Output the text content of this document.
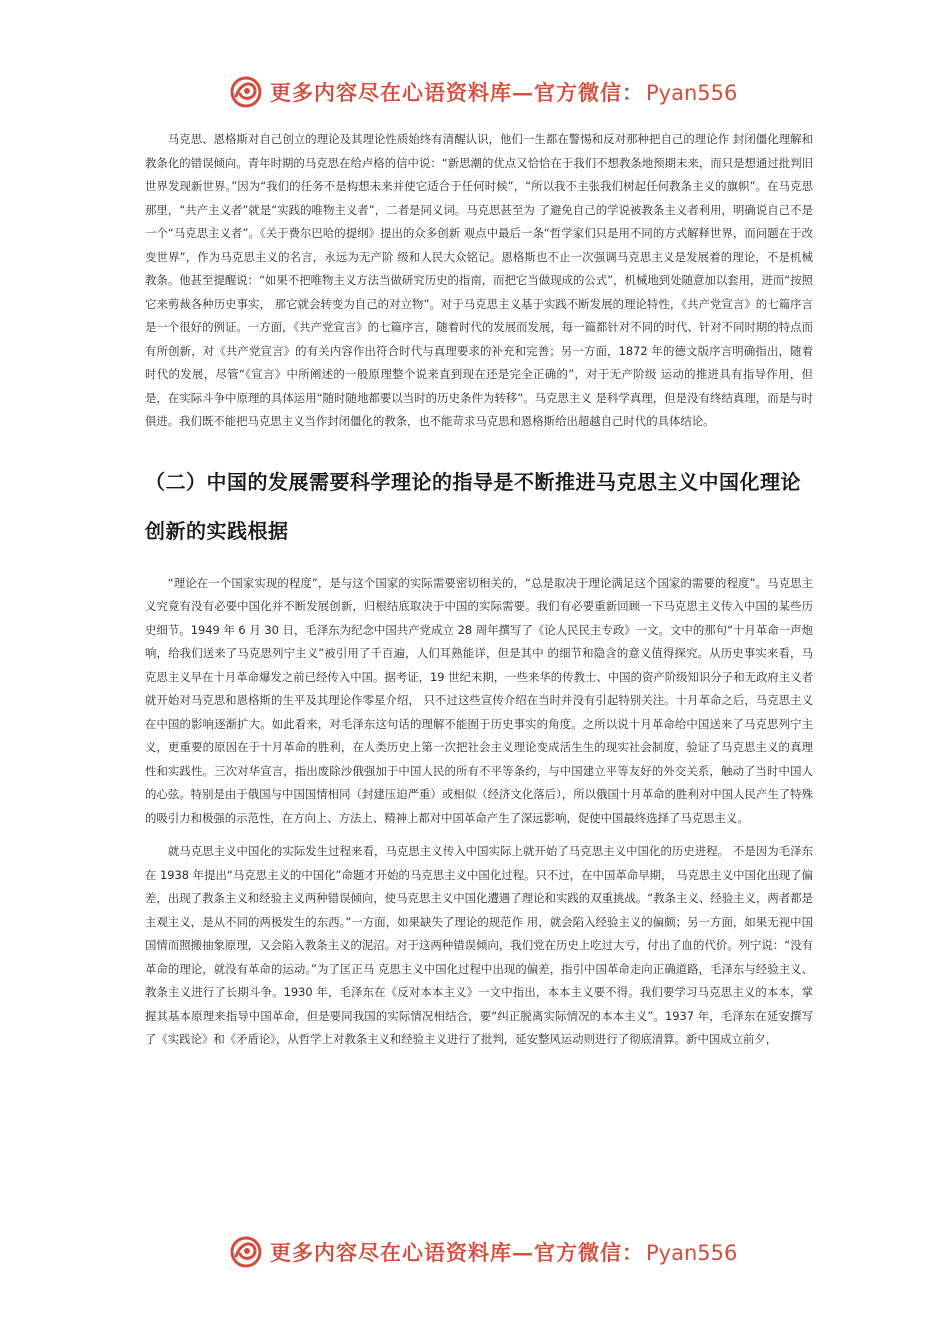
更多内容尽在心语资料库—官方微信：Pyan556

马克思、恩格斯对自己创立的理论及其理论性质始终有清醒认识，他们一生都在警惕和反对那种把自己的理论作 封闭僵化理解和教条化的错误倾向。青年时期的马克思在给卢格的信中说：“新思潮的优点又恰恰在于我们不想教条地预期未来，而只是想通过批判旧世界发现新世界。”因为“我们的任务不是构想未来并使它适合于任何时候”，“所以我不主张我们树起任何教条主义的旗帜”。在马克思那里，“共产主义者”就是“实践的唯物主义者”，二者是同义词。马克思甚至为 了避免自己的学说被教条主义者利用，明确说自己不是一个“马克思主义者”。《关于费尔巴哈的提纲》提出的众多创新 观点中最后一条“哲学家们只是用不同的方式解释世界，而问题在于改变世界”，作为马克思主义的名言，永远为无产阶 级和人民大众铭记。恩格斯也不止一次强调马克思主义是发展着的理论，不是机械教条。他甚至提醒说：“如果不把唯物主义方法当做研究历史的指南，而把它当做现成的公式”，机械地到处随意加以套用，进而“按照它来剪裁各种历史事实， 那它就会转变为自己的对立物”。对于马克思主义基于实践不断发展的理论特性，《共产党宣言》的七篇序言是一个很好的例证。一方面，《共产党宣言》的七篇序言，随着时代的发展而发展，每一篇都针对不同的时代、针对不同时期的特点而有所创新，对《共产党宣言》的有关内容作出符合时代与真理要求的补充和完善；另一方面，1872 年的德文版序言明确指出，随着时代的发展，尽管“《宣言》中所阐述的一般原理整个说来直到现在还是完全正确的”，对于无产阶级 运动的推进具有指导作用，但是，在实际斗争中原理的具体运用“随时随地都要以当时的历史条件为转移”。马克思主义 是科学真理，但是没有终结真理，而是与时俱进。我们既不能把马克思主义当作封闭僵化的教条，也不能苛求马克思和恩格斯给出超越自己时代的具体结论。

（二）中国的发展需要科学理论的指导是不断推进马克思主义中国化理论创新的实践根据

“理论在一个国家实现的程度”，是与这个国家的实际需要密切相关的，“总是取决于理论满足这个国家的需要的程度”。马克思主义究竟有没有必要中国化并不断发展创新，归根结底取决于中国的实际需要。我们有必要重新回顾一下马克思主义传入中国的某些历史细节。1949 年 6 月 30 日，毛泽东为纪念中国共产党成立 28 周年撰写了《论人民民主专政》一文。文中的那句“十月革命一声炮响，给我们送来了马克思列宁主义”被引用了千百遍，人们耳熟能详，但是其中 的细节和隐含的意义值得探究。从历史事实来看，马克思主义早在十月革命爆发之前已经传入中国。据考证，19 世纪末期，一些来华的传教士、中国的资产阶级知识分子和无政府主义者就开始对马克思和恩格斯的生平及其理论作零星介绍， 只不过这些宣传介绍在当时并没有引起特别关注。十月革命之后，马克思主义在中国的影响逐渐扩大。如此看来，对毛泽东这句话的理解不能囿于历史事实的角度。之所以说十月革命给中国送来了马克思列宁主义，更重要的原因在于十月革命的胜利，在人类历史上第一次把社会主义理论变成活生生的现实社会制度，验证了马克思主义的真理性和实践性。三次对华宣言，指出废除沙俄强加于中国人民的所有不平等条约，与中国建立平等友好的外交关系，触动了当时中国人的心弦。特别是由于俄国与中国国情相同（封建压迫严重）或相似（经济文化落后），所以俄国十月革命的胜利对中国人民产生了特殊的吸引力和极强的示范性，在方向上、方法上、精神上都对中国革命产生了深远影响，促使中国最终选择了马克思主义。

就马克思主义中国化的实际发生过程来看，马克思主义传入中国实际上就开始了马克思主义中国化的历史进程。 不是因为毛泽东在 1938 年提出“马克思主义的中国化”命题才开始的马克思主义中国化过程。只不过，在中国革命早期， 马克思主义中国化出现了偏差，出现了教条主义和经验主义两种错误倾向，使马克思主义中国化遭遇了理论和实践的双重挑战。“教条主义、经验主义，两者都是主观主义，是从不同的两极发生的东西。”一方面，如果缺失了理论的规范作 用，就会陷入经验主义的偏颇；另一方面，如果无视中国国情而照搬抽象原理，又会陷入教条主义的泥沼。对于这两种错误倾向，我们党在历史上吃过大亏，付出了血的代价。列宁说：“没有革命的理论，就没有革命的运动。”为了匡正马 克思主义中国化过程中出现的偏差，指引中国革命走向正确道路，毛泽东与经验主义、教条主义进行了长期斗争。1930 年，毛泽东在《反对本本主义》一文中指出，本本主义要不得。我们要学习马克思主义的本本，掌握其基本原理来指导中国革命，但是要同我国的实际情况相结合，要“纠正脱离实际情况的本本主义”。1937 年，毛泽东在延安撰写了《实践论》和《矛盾论》，从哲学上对教条主义和经验主义进行了批判，延安整风运动则进行了彻底清算。新中国成立前夕，

更多内容尽在心语资料库—官方微信：Pyan556
